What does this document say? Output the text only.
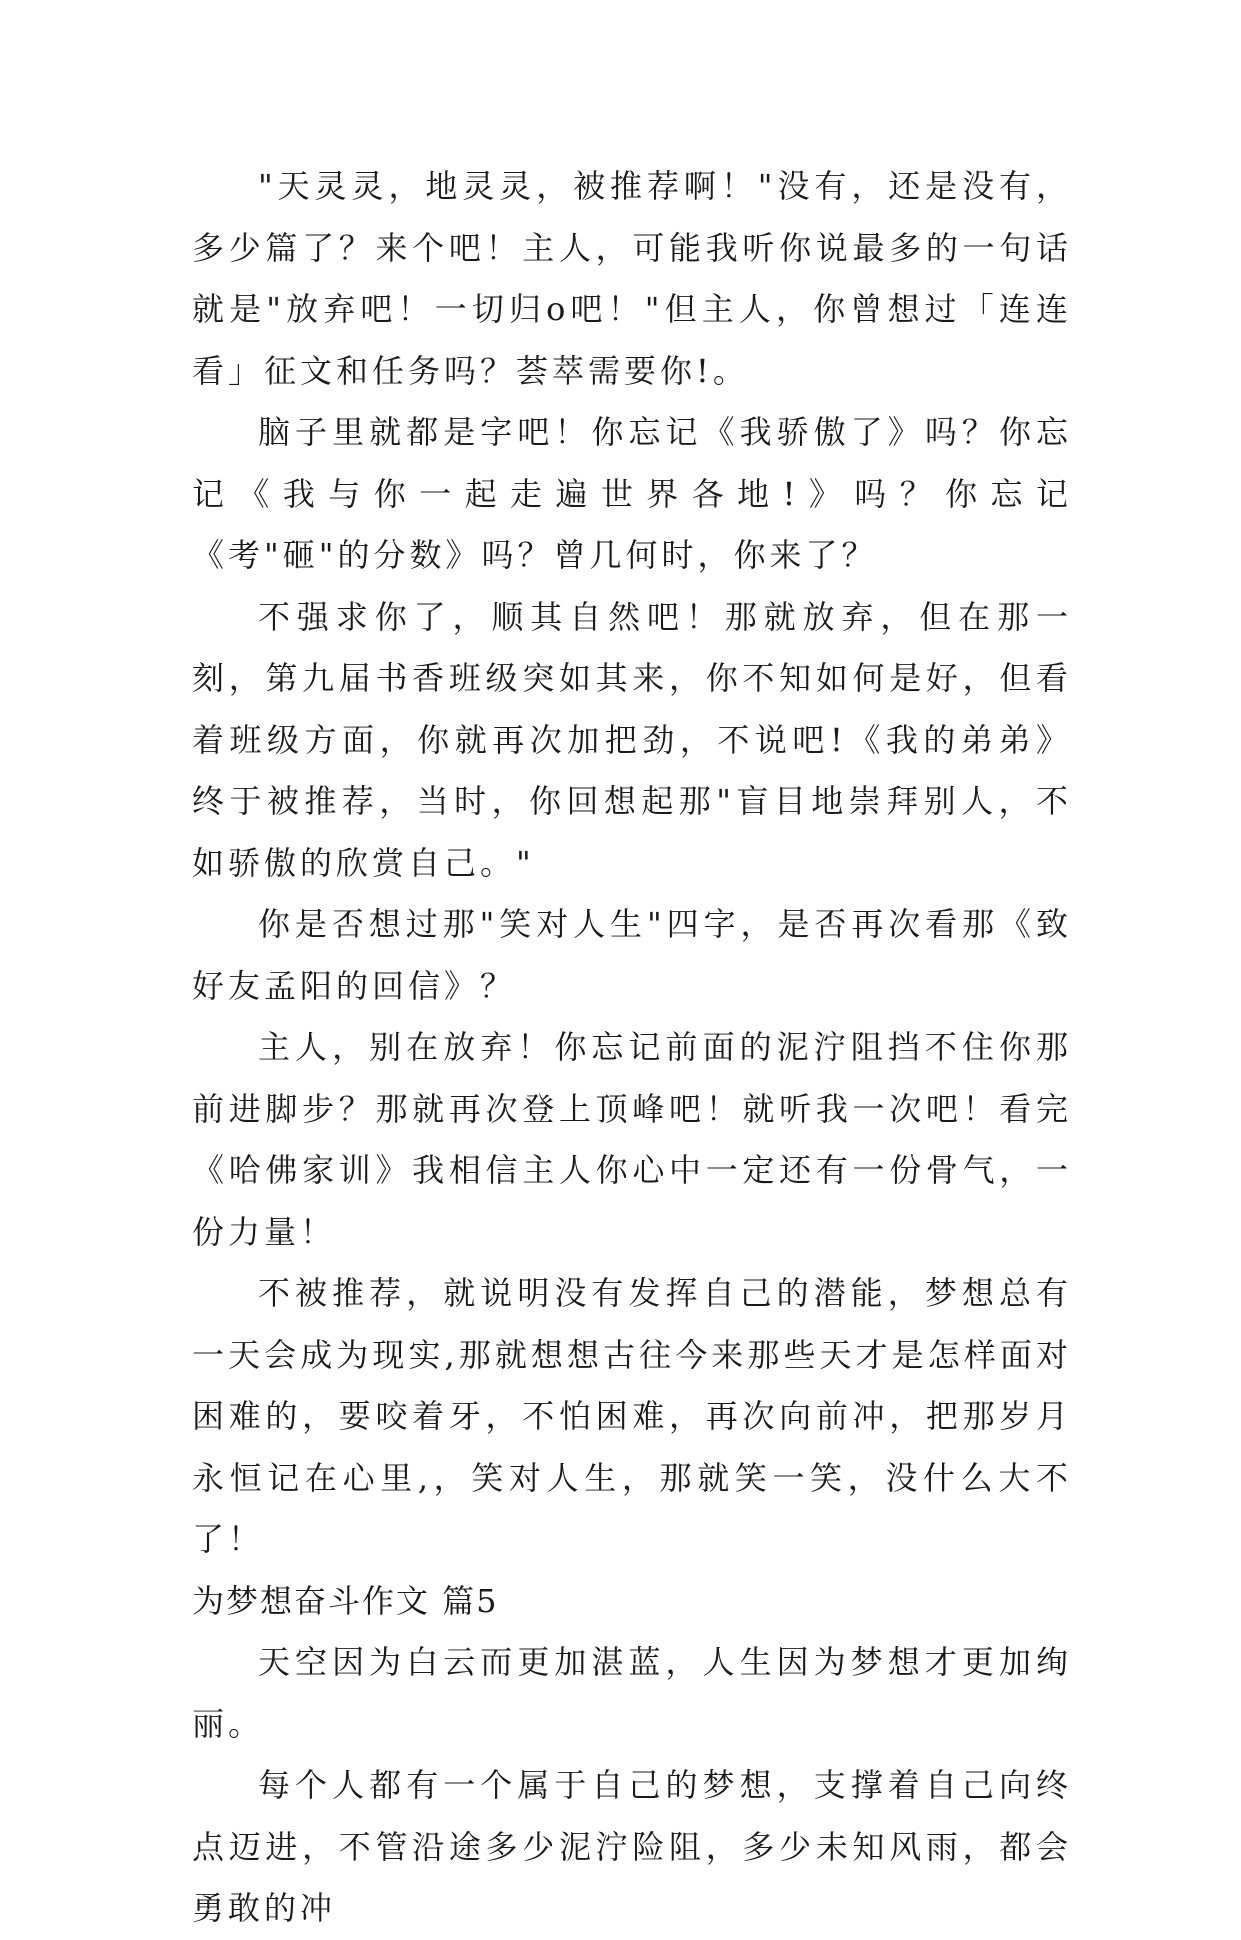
"天灵灵，地灵灵，被推荐啊！"没有，还是没有，多少篇了？来个吧！主人，可能我听你说最多的一句话就是"放弃吧！一切归o吧！"但主人，你曾想过「连连看」征文和任务吗？荟萃需要你!。

脑子里就都是字吧！你忘记《我骄傲了》吗？你忘记《我与你一起走遍世界各地!》吗？你忘记《考"砸"的分数》吗？曾几何时，你来了？

不强求你了，顺其自然吧！那就放弃，但在那一刻，第九届书香班级突如其来，你不知如何是好，但看着班级方面，你就再次加把劲，不说吧!《我的弟弟》终于被推荐，当时，你回想起那"盲目地崇拜别人，不如骄傲的欣赏自己。"

你是否想过那"笑对人生"四字，是否再次看那《致好友孟阳的回信》？

主人，别在放弃！你忘记前面的泥泞阻挡不住你那前进脚步？那就再次登上顶峰吧！就听我一次吧！看完《哈佛家训》我相信主人你心中一定还有一份骨气，一份力量！

不被推荐，就说明没有发挥自己的潜能，梦想总有一天会成为现实,那就想想古往今来那些天才是怎样面对困难的，要咬着牙，不怕困难，再次向前冲，把那岁月永恒记在心里,，笑对人生，那就笑一笑，没什么大不了！

为梦想奋斗作文 篇5

天空因为白云而更加湛蓝，人生因为梦想才更加绚丽。

每个人都有一个属于自己的梦想，支撑着自己向终点迈进，不管沿途多少泥泞险阻，多少未知风雨，都会勇敢的冲
